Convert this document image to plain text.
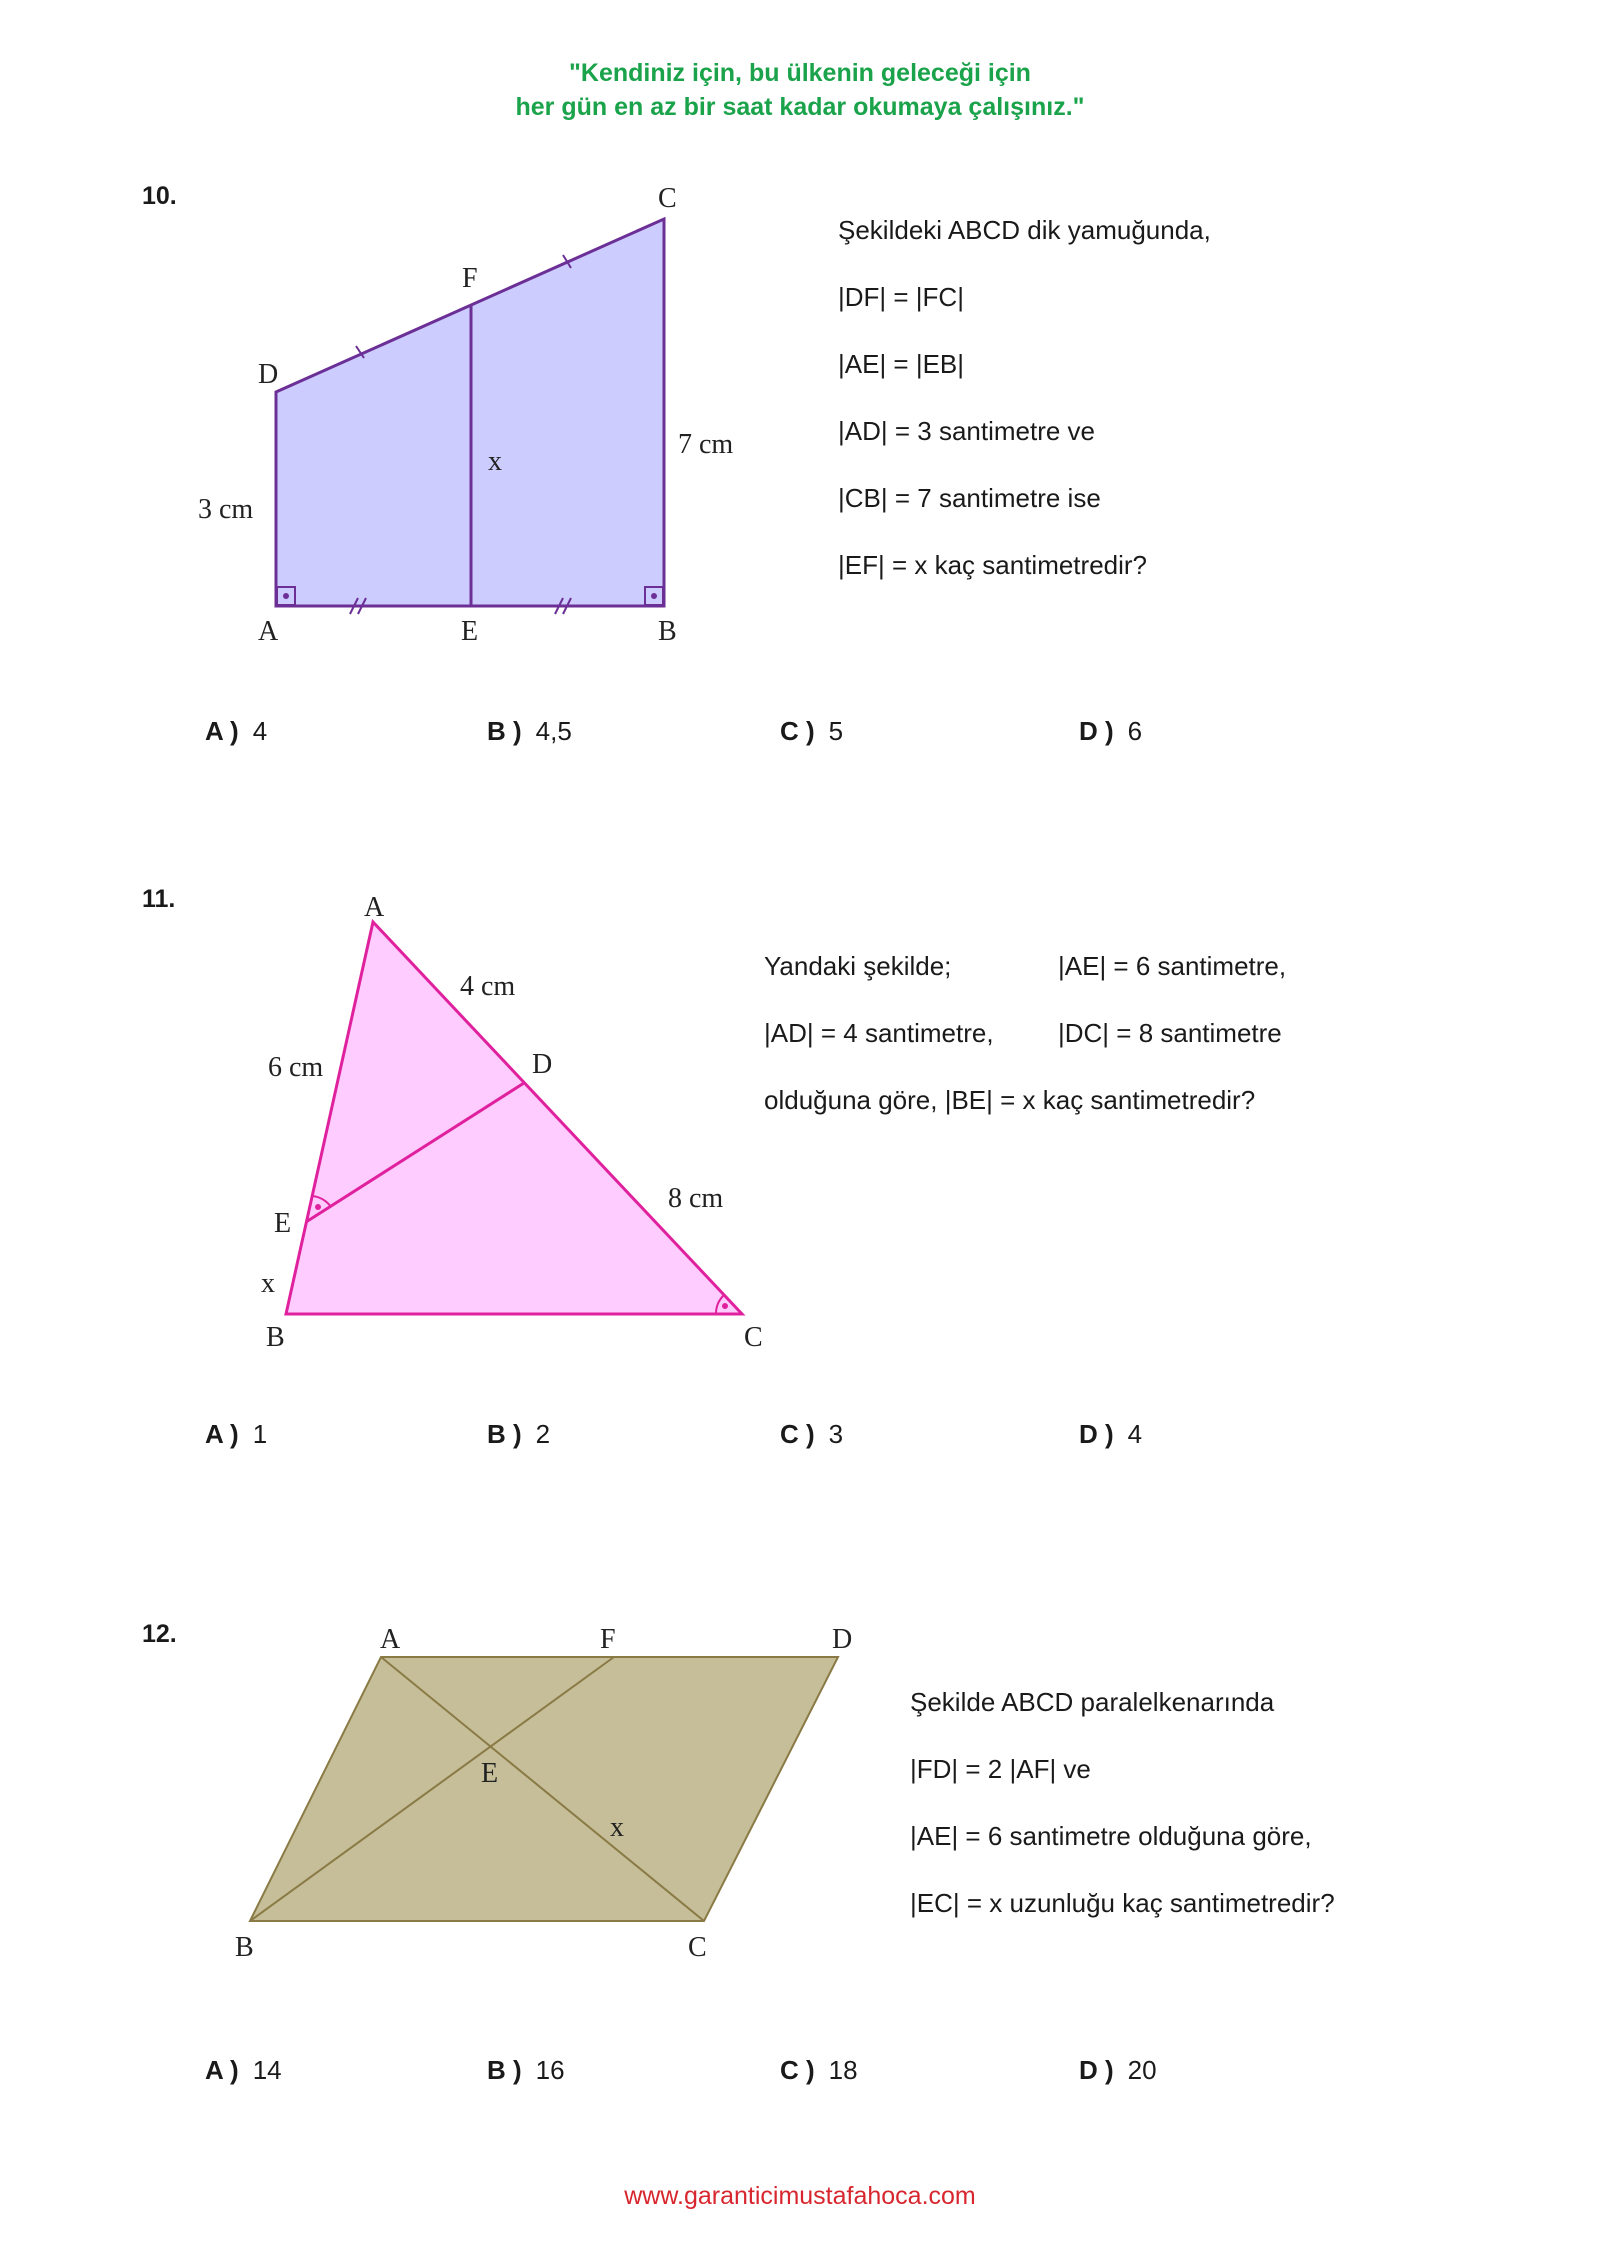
"Kendiniz için, bu ülkenin geleceği için
her gün en az bir saat kadar okumaya çalışınız."
10.	C
F
D
x
3 cm
7 cm
A	E	B
A
4 cm
6 cm	D
8 cm
E
x
B	C
A	F	D
E
x
B	C
Şekildeki ABCD dik yamuğunda,
|DF| = |FC|
|AE| = |EB|
|AD| = 3 santimetre ve
|CB| = 7 santimetre ise
|EF| = x kaç santimetredir?
A ) 4	B ) 4,5	C ) 5	D ) 6
11.
Yandaki şekilde;	|AE| = 6 santimetre,
|AD| = 4 santimetre, |DC| = 8 santimetre
olduğuna göre, |BE| = x kaç santimetredir?
A ) 1	B ) 2	C ) 3	D ) 4
12.
Şekilde ABCD paralelkenarında
|FD| = 2 |AF| ve
|AE| = 6 santimetre olduğuna göre,
|EC| = x uzunluğu kaç santimetredir?
A ) 14	B ) 16	C ) 18	D ) 20
www.garanticimustafahoca.com
